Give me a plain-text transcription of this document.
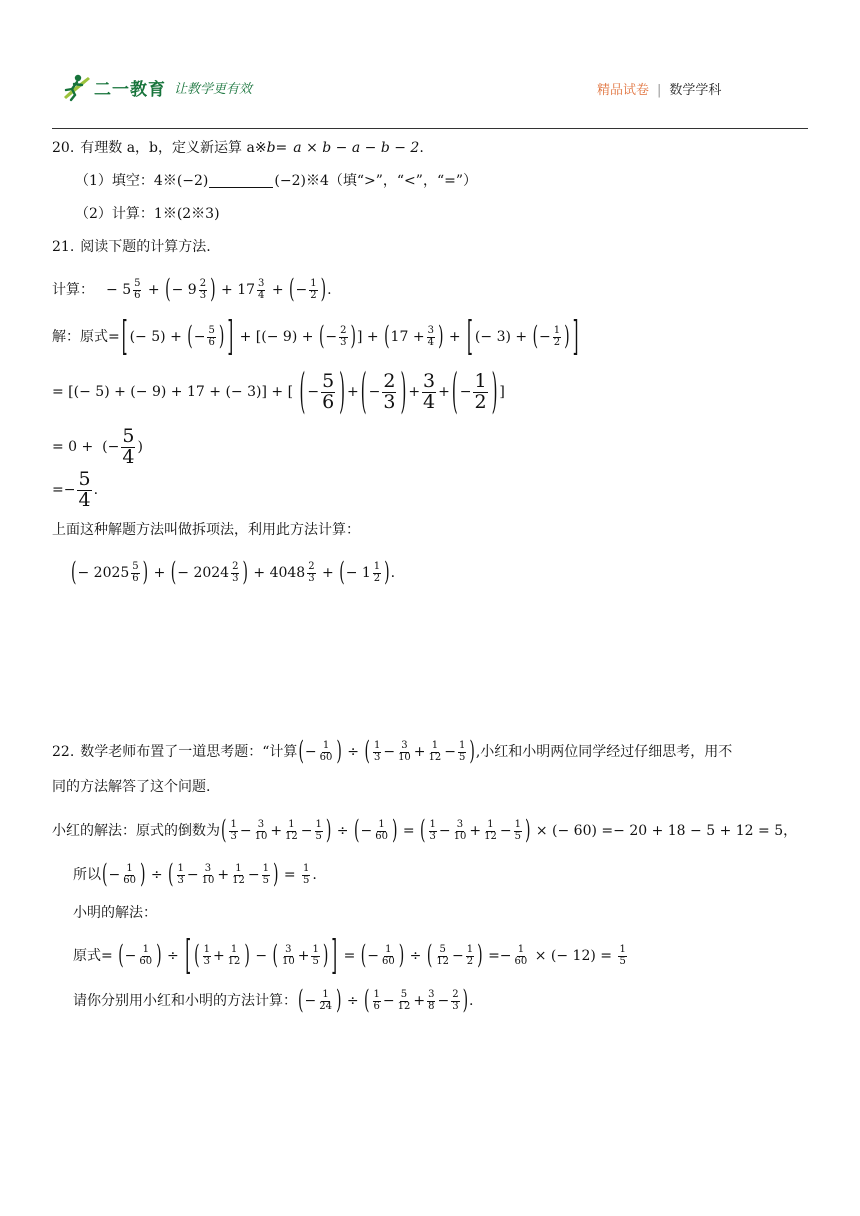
二一教育 让教学更有效	精品试卷 | 数学学科
20. 有理数 a，b，定义新运算 a※ b = a × b − a − b − 2 .
（1）填空：4※(−2)	(−2)※4（填“>”，“<”，“=”）
（2）计算：1※(2※3)
21. 阅读下题的计算方法.
计算： − 5 5
6 + ( − 9 2
3 ) + 17 3
4 + ( − 1
2 ) .
解：原式= [ (− 5 ) + ( − 5
6 ) ] + [(− 9 ) + ( − 2
3 ) ] + ( 17 + 3
4 ) + [ (− 3 ) + ( − 1
2 ) ]
= [(− 5 ) + (− 9 ) + 17 + (− 3 )] + [ ( −
5
6 ) + ( −
2
3 ) +
3
4 + ( −
1
2 ) ]
= 0 + (− $\frac{5}{4}$ )
=− $\frac{5}{4}$ .
上面这种解题方法叫做拆项法，利用此方法计算：
( − 2025 5
6 ) + ( − 2024 2
3 ) + 4048 2
3 + ( − 1 1
2 ) .
22. 数学老师布置了一道思考题：“计算 ( − 1
60 ) ÷ ( 1
3 − 3
10 + 1
12 − 1
5 ) ,小红和小明两位同学经过仔细思考，用不
同的方法解答了这个问题.
小红的解法：原式的倒数为 ( 1
3 − 3
10 + 1
12 − 1
5 ) ÷ ( − 1
60 ) = ( 1
3 − 3
10 + 1
12 − 1
5 )
× (− 60) =− 20 + 18 − 5 + 12 = 5，
所以 ( − 1
60 ) ÷ ( 1
3 − 3
10 + 1
12 − 1
5 ) = 1
5 .
小明的解法：
原式=
( − 1
60 ) ÷ [ ( 1
3 + 1
12 ) − ( 3
10 + 1
5 ) ] = ( − 1
60 ) ÷ ( 5
12 − 1
2 ) =− $\frac{1}{60}$
× (− 12) =
$\frac{1}{5}$
请你分别用小红和小明的方法计算： ( − 1
24 ) ÷ ( 1
6 − 5
12 + 3
8 − 2
3 ) .
